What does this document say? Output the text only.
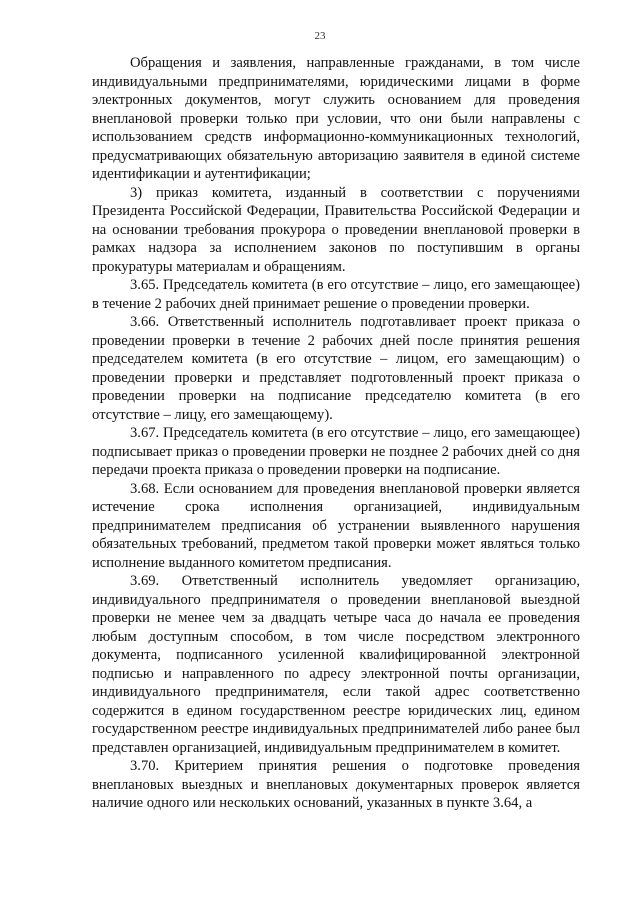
23

Обращения и заявления, направленные гражданами, в том числе индивидуальными предпринимателями, юридическими лицами в форме электронных документов, могут служить основанием для проведения внеплановой проверки только при условии, что они были направлены с использованием средств информационно-коммуникационных технологий, предусматривающих обязательную авторизацию заявителя в единой системе идентификации и аутентификации;

3) приказ комитета, изданный в соответствии с поручениями Президента Российской Федерации, Правительства Российской Федерации и на основании требования прокурора о проведении внеплановой проверки в рамках надзора за исполнением законов по поступившим в органы прокуратуры материалам и обращениям.

3.65. Председатель комитета (в его отсутствие – лицо, его замещающее) в течение 2 рабочих дней принимает решение о проведении проверки.

3.66. Ответственный исполнитель подготавливает проект приказа о проведении проверки в течение 2 рабочих дней после принятия решения председателем комитета (в его отсутствие – лицом, его замещающим) о проведении проверки и представляет подготовленный проект приказа о проведении проверки на подписание председателю комитета (в его отсутствие – лицу, его замещающему).

3.67. Председатель комитета (в его отсутствие – лицо, его замещающее) подписывает приказ о проведении проверки не позднее 2 рабочих дней со дня передачи проекта приказа о проведении проверки на подписание.

3.68. Если основанием для проведения внеплановой проверки является истечение срока исполнения организацией, индивидуальным предпринимателем предписания об устранении выявленного нарушения обязательных требований, предметом такой проверки может являться только исполнение выданного комитетом предписания.

3.69. Ответственный исполнитель уведомляет организацию, индивидуального предпринимателя о проведении внеплановой выездной проверки не менее чем за двадцать четыре часа до начала ее проведения любым доступным способом, в том числе посредством электронного документа, подписанного усиленной квалифицированной электронной подписью и направленного по адресу электронной почты организации, индивидуального предпринимателя, если такой адрес соответственно содержится в едином государственном реестре юридических лиц, едином государственном реестре индивидуальных предпринимателей либо ранее был представлен организацией, индивидуальным предпринимателем в комитет.

3.70. Критерием принятия решения о подготовке проведения внеплановых выездных и внеплановых документарных проверок является наличие одного или нескольких оснований, указанных в пункте 3.64, а
